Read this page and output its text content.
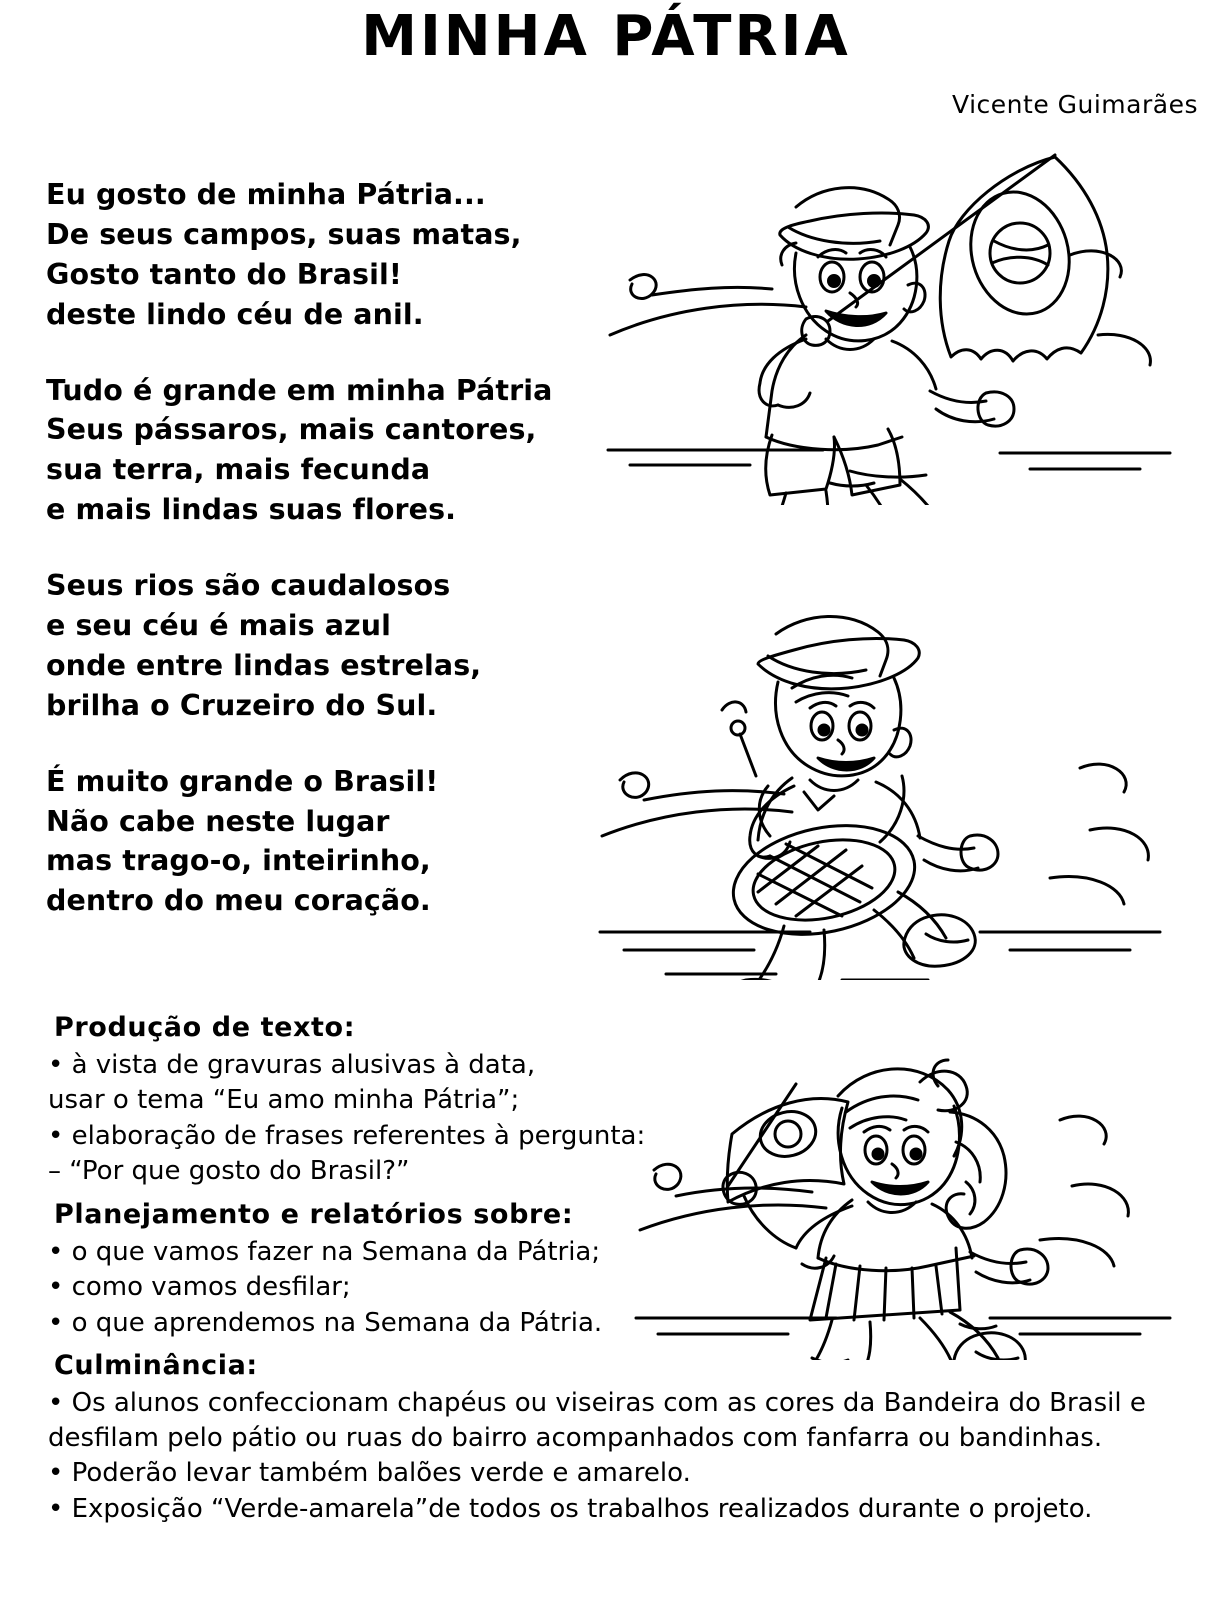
MINHA PÁTRIA
Vicente Guimarães
Eu gosto de minha Pátria...
De seus campos, suas matas,
Gosto tanto do Brasil!
deste lindo céu de anil.
Tudo é grande em minha Pátria
Seus pássaros, mais cantores,
sua terra, mais fecunda
e mais lindas suas flores.
Seus rios são caudalosos
e seu céu é mais azul
onde entre lindas estrelas,
brilha o Cruzeiro do Sul.
É muito grande o Brasil!
Não cabe neste lugar
mas trago-o, inteirinho,
dentro do meu coração.
Produção de texto:
• à vista de gravuras alusivas à data,
usar o tema “Eu amo minha Pátria”;
• elaboração de frases referentes à pergunta:
– “Por que gosto do Brasil?”
Planejamento e relatórios sobre:
• o que vamos fazer na Semana da Pátria;
• como vamos desfilar;
• o que aprendemos na Semana da Pátria.
Culminância:
• Os alunos confeccionam chapéus ou viseiras com as cores da Bandeira do Brasil e desfilam pelo pátio ou ruas do bairro acompanhados com fanfarra ou bandinhas.
• Poderão levar também balões verde e amarelo.
• Exposição “Verde-amarela”de todos os trabalhos realizados durante o projeto.
